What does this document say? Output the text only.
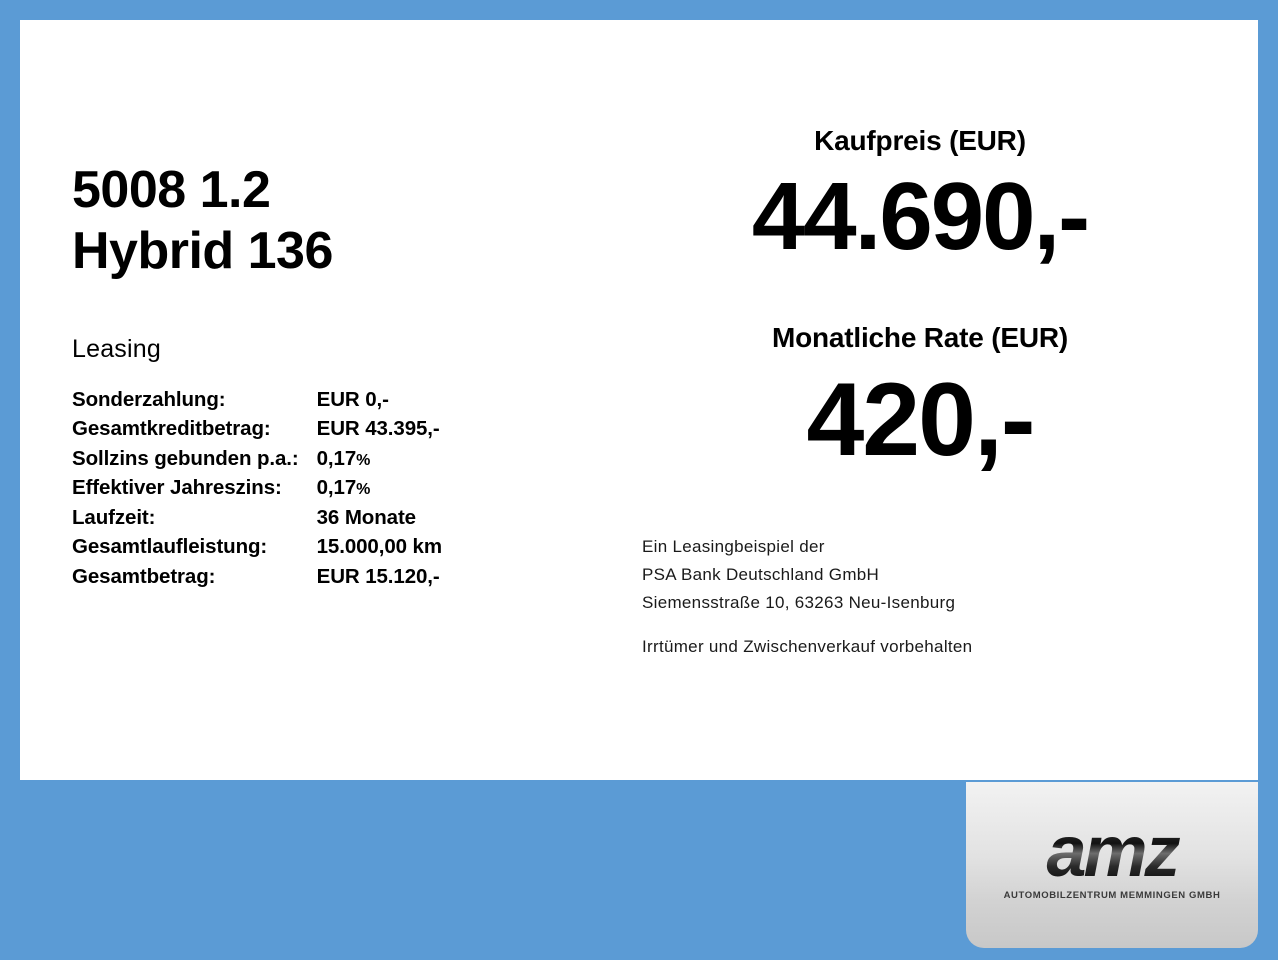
5008 1.2
Hybrid 136
Leasing
Sonderzahlung:	EUR 0,-
Gesamtkreditbetrag:	EUR 43.395,-
Sollzins gebunden p.a.:	0,17%
Effektiver Jahreszins:	0,17%
Laufzeit:	36 Monate
Gesamtlaufleistung:	15.000,00 km
Gesamtbetrag:	EUR 15.120,-
Kaufpreis (EUR)
44.690,-
Monatliche Rate (EUR)
420,-
Ein Leasingbeispiel der
PSA Bank Deutschland GmbH
Siemensstraße 10, 63263 Neu-Isenburg
Irrtümer und Zwischenverkauf vorbehalten
amz
AUTOMOBILZENTRUM MEMMINGEN GMBH
